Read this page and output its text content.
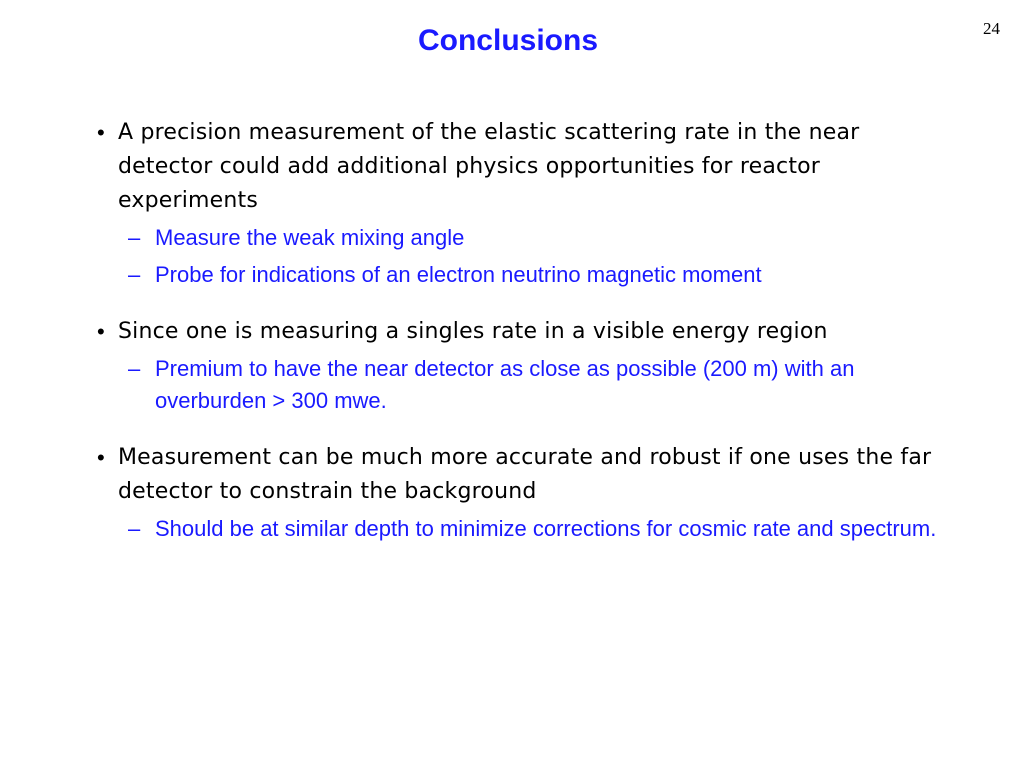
24
Conclusions
• A precision measurement of the elastic scattering rate in the near detector could add additional physics opportunities for reactor experiments
– Measure the weak mixing angle
– Probe for indications of an electron neutrino magnetic moment
• Since one is measuring a singles rate in a visible energy region
– Premium to have the near detector as close as possible (200 m) with an overburden > 300 mwe.
• Measurement can be much more accurate and robust if one uses the far detector to constrain the background
– Should be at similar depth to minimize corrections for cosmic rate and spectrum.
